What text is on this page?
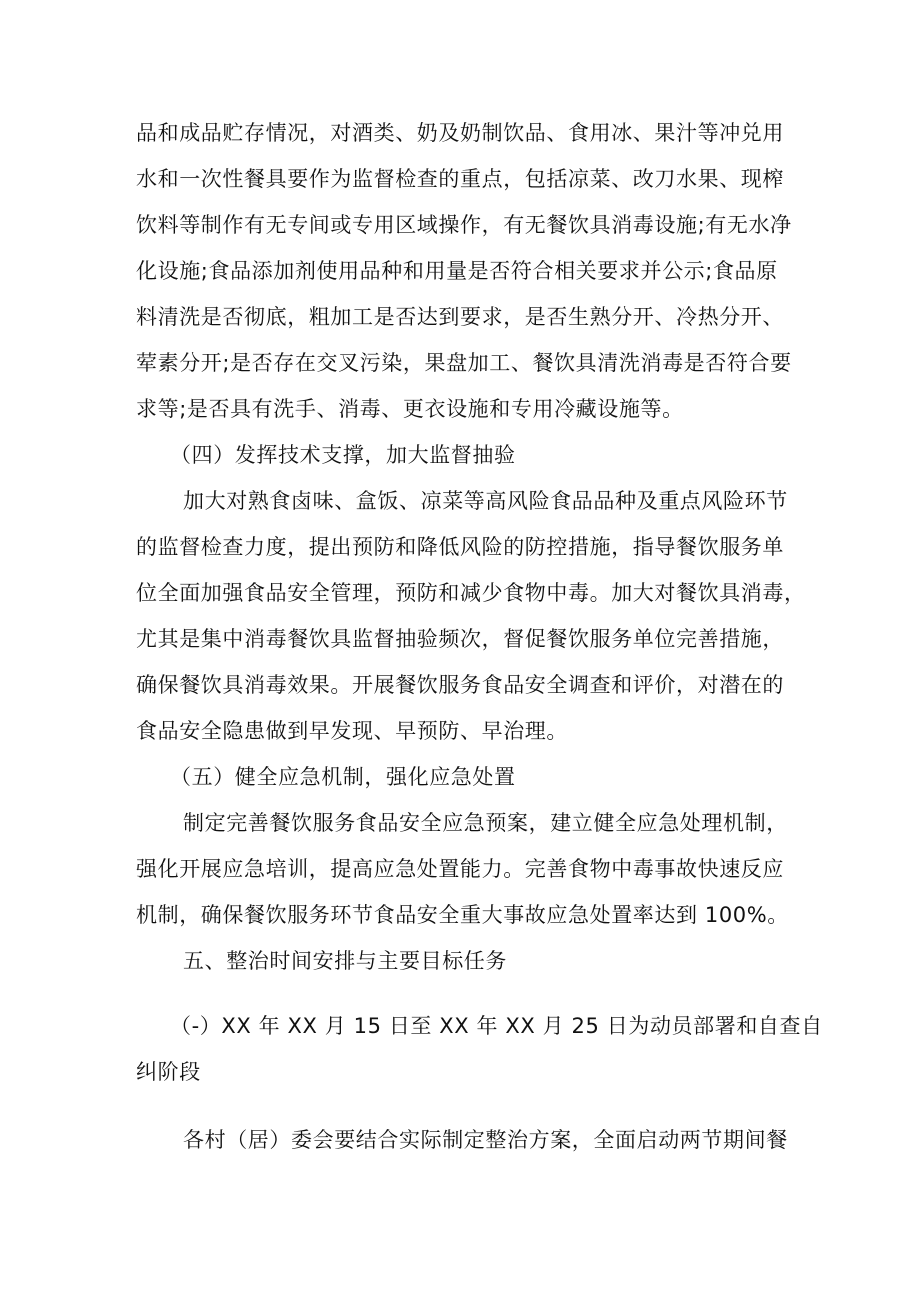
品和成品贮存情况，对酒类、奶及奶制饮品、食用冰、果汁等冲兑用
水和一次性餐具要作为监督检查的重点，包括凉菜、改刀水果、现榨
饮料等制作有无专间或专用区域操作，有无餐饮具消毒设施;有无水净
化设施;食品添加剂使用品种和用量是否符合相关要求并公示;食品原
料清洗是否彻底，粗加工是否达到要求，是否生熟分开、冷热分开、
荤素分开;是否存在交叉污染，果盘加工、餐饮具清洗消毒是否符合要
求等;是否具有洗手、消毒、更衣设施和专用冷藏设施等。
（四）发挥技术支撑，加大监督抽验
加大对熟食卤味、盒饭、凉菜等高风险食品品种及重点风险环节
的监督检查力度，提出预防和降低风险的防控措施，指导餐饮服务单
位全面加强食品安全管理，预防和减少食物中毒。加大对餐饮具消毒，
尤其是集中消毒餐饮具监督抽验频次，督促餐饮服务单位完善措施，
确保餐饮具消毒效果。开展餐饮服务食品安全调查和评价，对潜在的
食品安全隐患做到早发现、早预防、早治理。
（五）健全应急机制，强化应急处置
制定完善餐饮服务食品安全应急预案，建立健全应急处理机制，
强化开展应急培训，提高应急处置能力。完善食物中毒事故快速反应
机制，确保餐饮服务环节食品安全重大事故应急处置率达到 100%。
五、整治时间安排与主要目标任务
（-）XX 年 XX 月 15 日至 XX 年 XX 月 25 日为动员部署和自查自
纠阶段
各村（居）委会要结合实际制定整治方案，全面启动两节期间餐
